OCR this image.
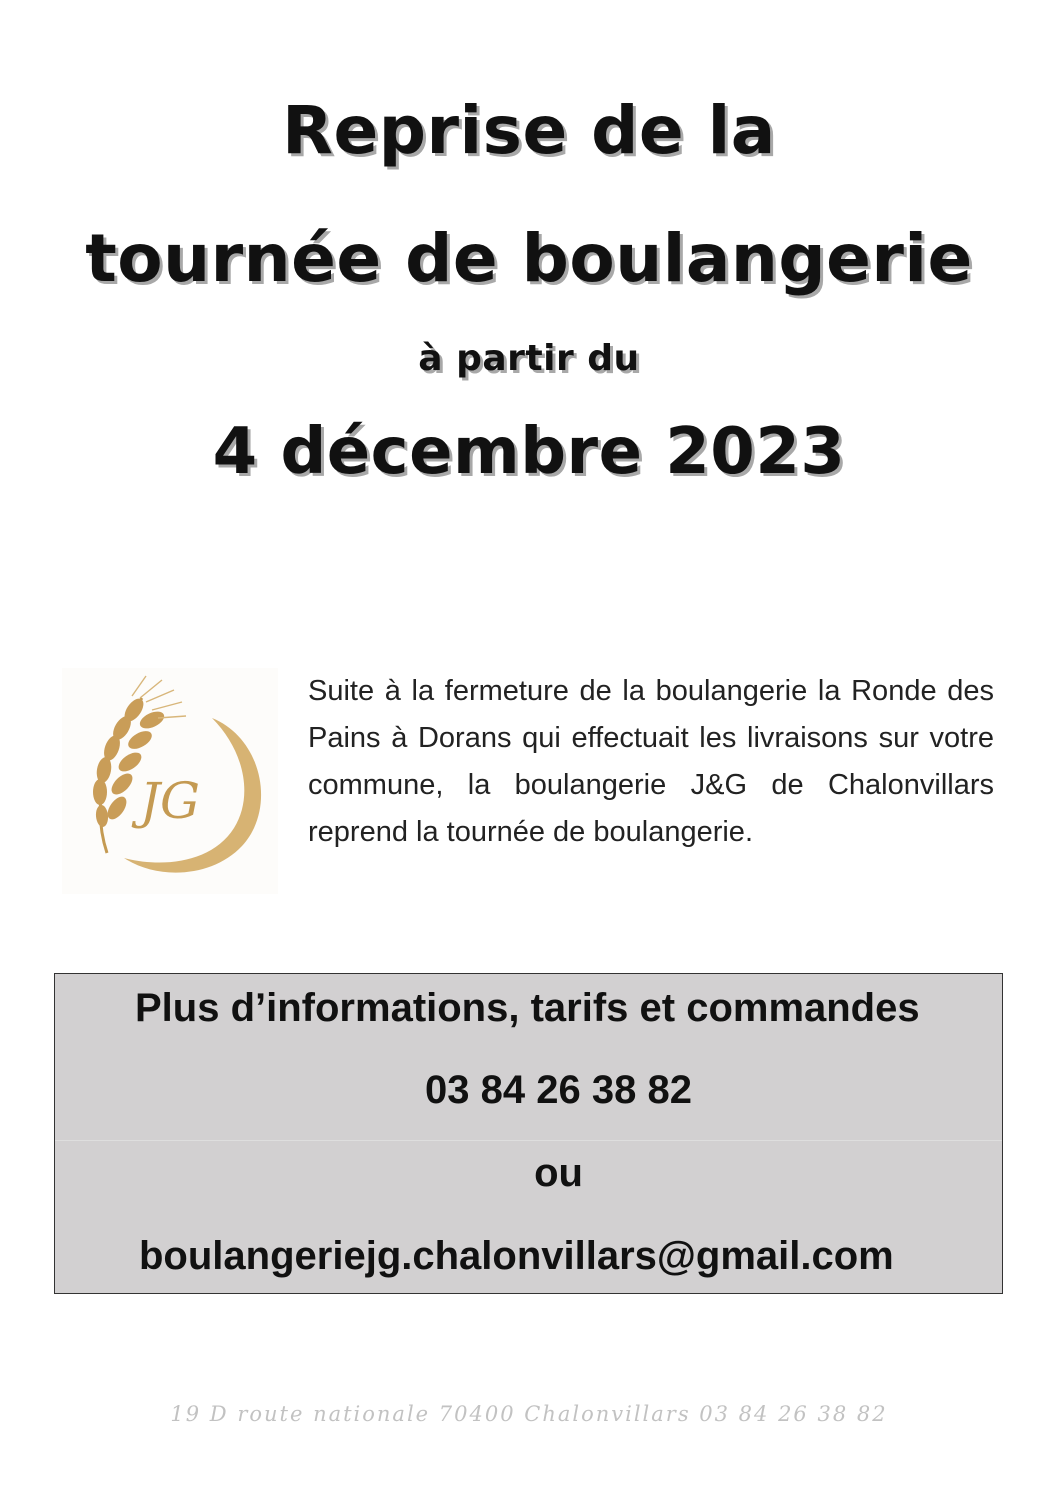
Reprise de la
tournée de boulangerie
à partir du
4 décembre 2023
JG
Suite à la fermeture de la boulangerie la Ronde des Pains à Dorans qui effectuait les livraisons sur votre commune, la boulangerie J&G de Chalonvillars reprend la tournée de boulangerie.
Plus d’informations, tarifs et commandes
03 84 26 38 82
ou
boulangeriejg.chalonvillars@gmail.com
19 D route nationale 70400 Chalonvillars 03 84 26 38 82
